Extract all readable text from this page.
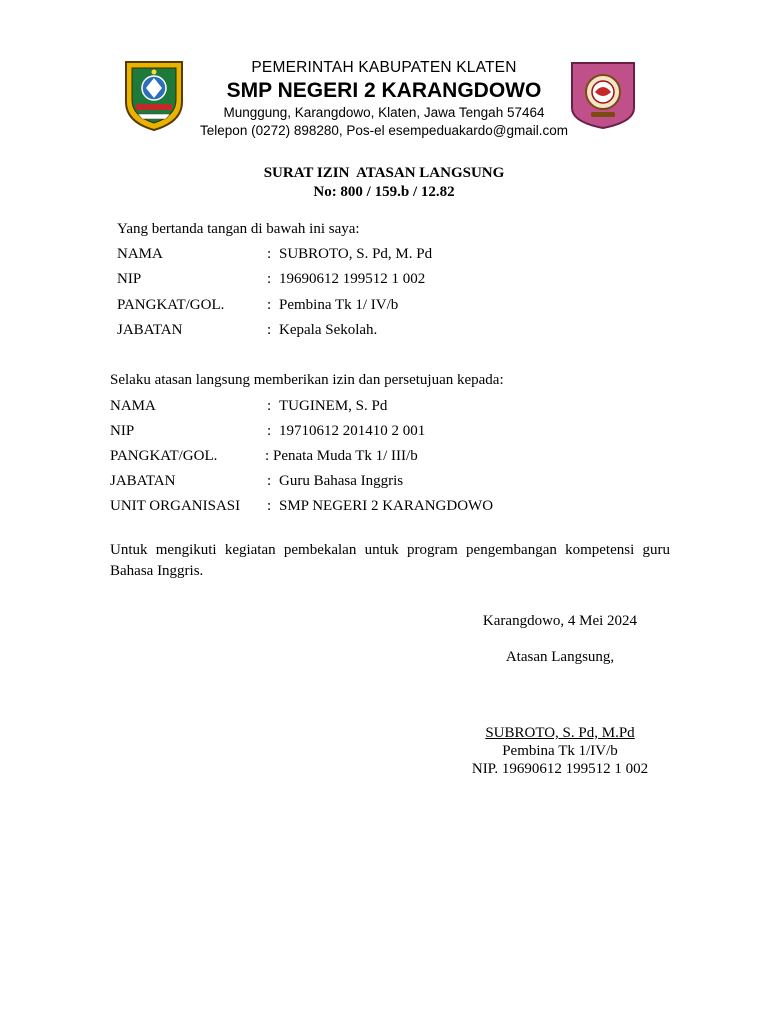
PEMERINTAH KABUPATEN KLATEN
SMP NEGERI 2 KARANGDOWO
Munggung, Karangdowo, Klaten, Jawa Tengah 57464
Telepon (0272) 898280, Pos-el esempeduakardo@gmail.com
SURAT IZIN  ATASAN LANGSUNG
No: 800 / 159.b / 12.82
Yang bertanda tangan di bawah ini saya:
NAMA	: SUBROTO, S. Pd, M. Pd
NIP	: 19690612 199512 1 002
PANGKAT/GOL.	: Pembina Tk 1/ IV/b
JABATAN	: Kepala Sekolah.
Selaku atasan langsung memberikan izin dan persetujuan kepada:
NAMA	: TUGINEM, S. Pd
NIP	: 19710612 201410 2 001
PANGKAT/GOL.	: Penata Muda Tk 1/ III/b
JABATAN	: Guru Bahasa Inggris
UNIT ORGANISASI : SMP NEGERI 2 KARANGDOWO
Untuk mengikuti kegiatan pembekalan untuk program pengembangan kompetensi guru Bahasa Inggris.
Karangdowo, 4 Mei 2024
Atasan Langsung,
SUBROTO, S. Pd, M.Pd
Pembina Tk 1/IV/b
NIP. 19690612 199512 1 002
